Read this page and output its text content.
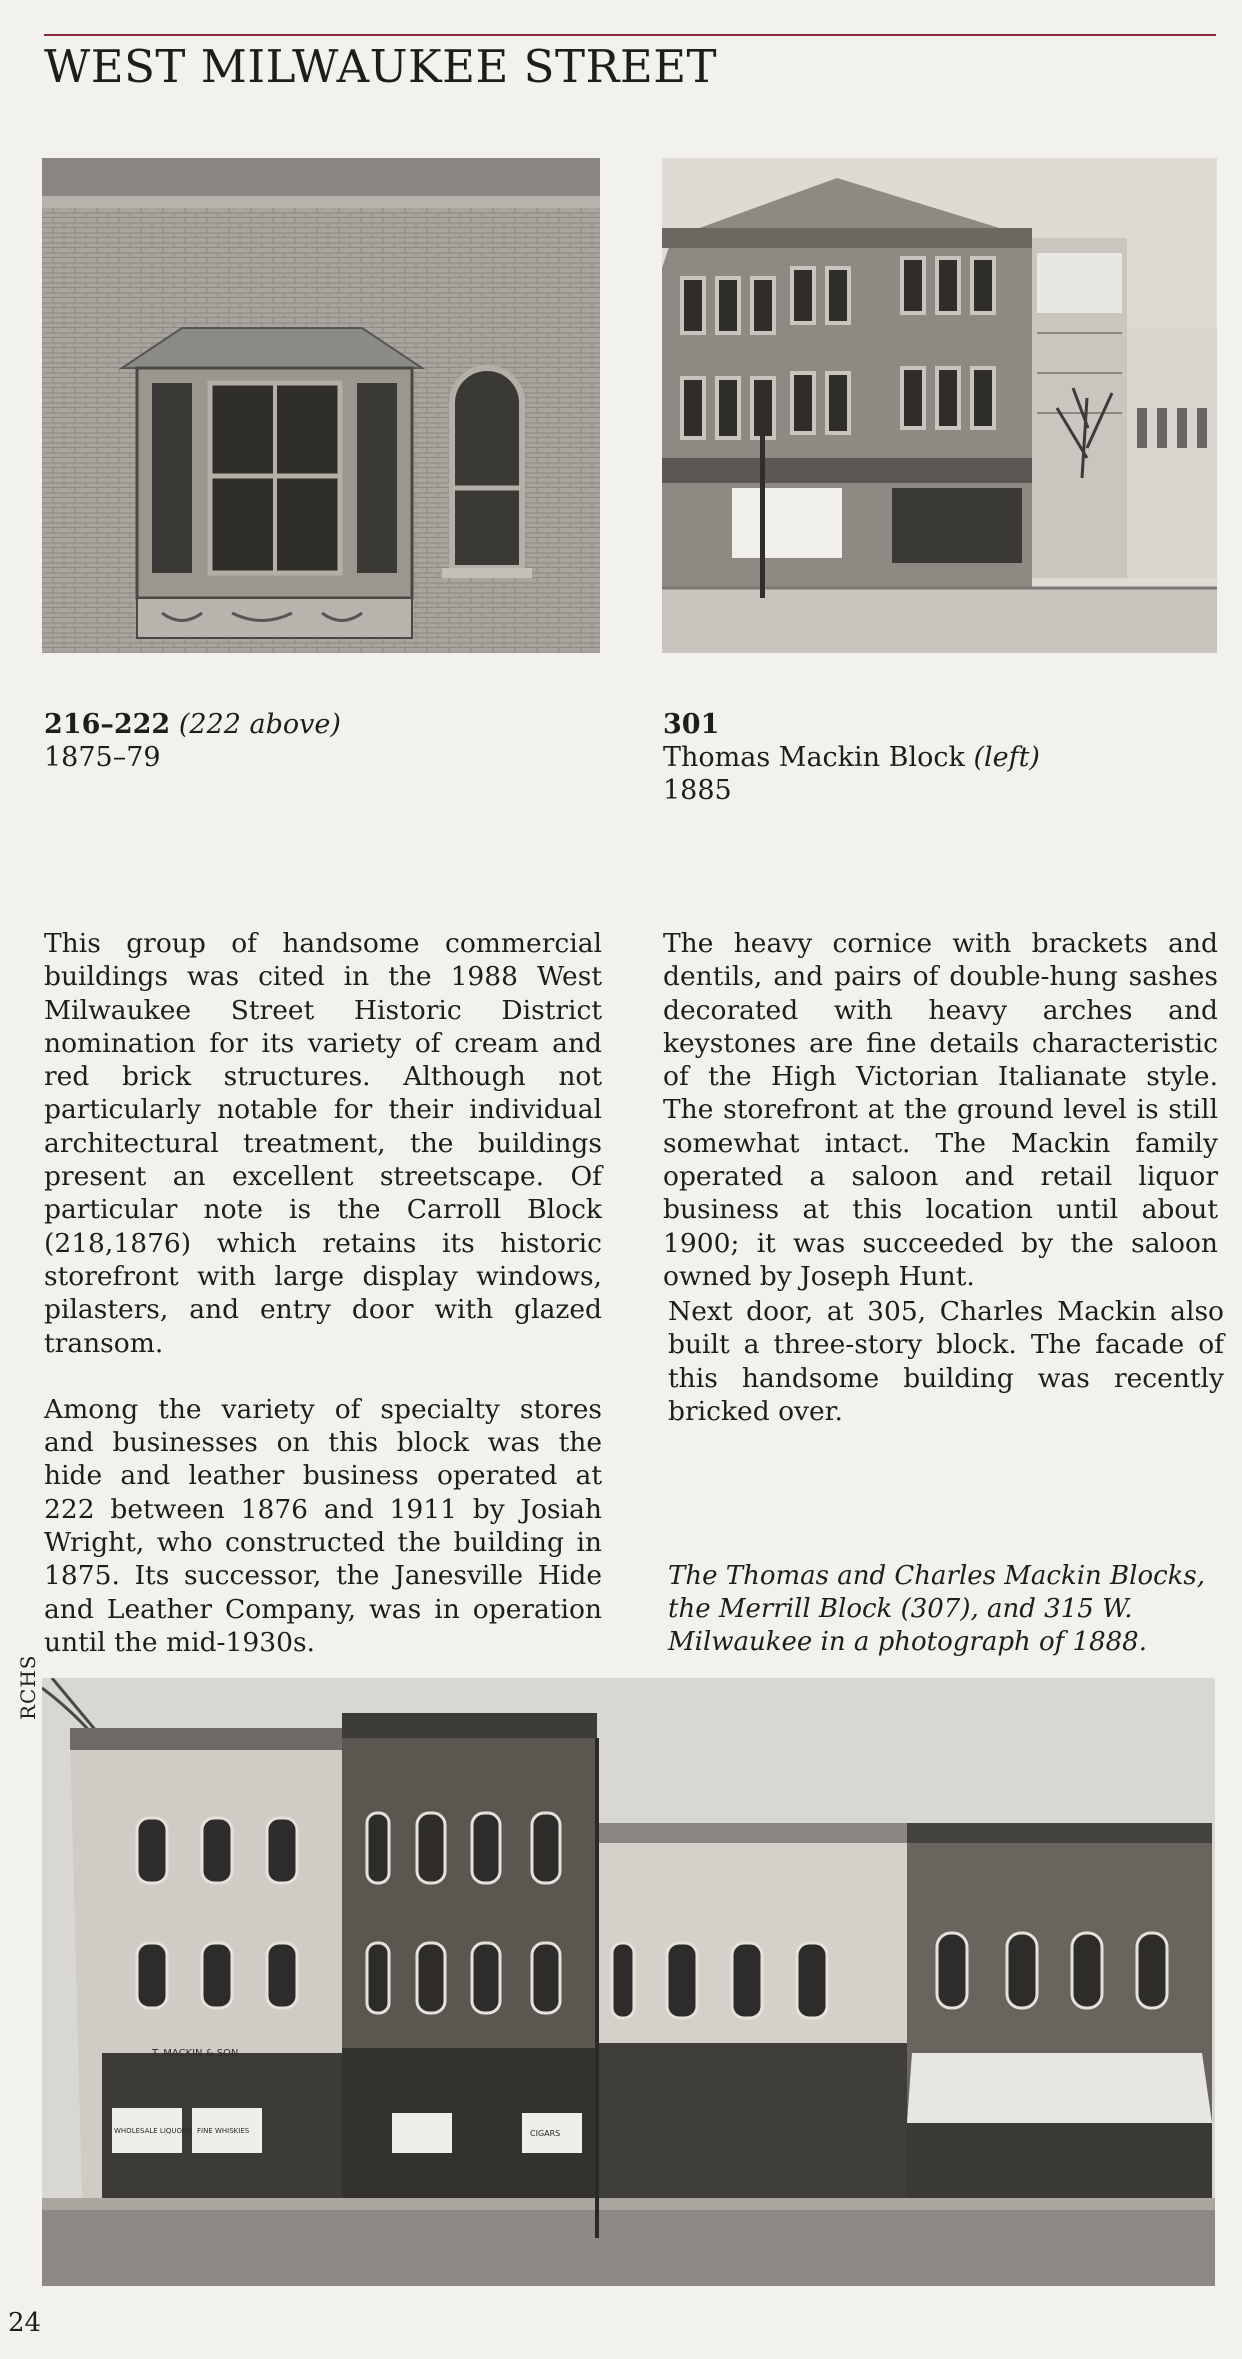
WEST MILWAUKEE STREET
216–222 (222 above)
1875–79
301
Thomas Mackin Block (left)
1885

This group of handsome commercial buildings was cited in the 1988 West Milwaukee Street Historic District nomination for its variety of cream and red brick structures. Although not particularly notable for their individual architectural treatment, the buildings present an excellent streetscape. Of particular note is the Carroll Block (218,1876) which retains its historic storefront with large display windows, pilasters, and entry door with glazed transom.

Among the variety of specialty stores and businesses on this block was the hide and leather business operated at 222 between 1876 and 1911 by Josiah Wright, who constructed the building in 1875. Its successor, the Janesville Hide and Leather Company, was in operation until the mid-1930s.

The heavy cornice with brackets and dentils, and pairs of double-hung sashes decorated with heavy arches and keystones are fine details characteristic of the High Victorian Italianate style. The storefront at the ground level is still somewhat intact. The Mackin family operated a saloon and retail liquor business at this location until about 1900; it was succeeded by the saloon owned by Joseph Hunt.

Next door, at 305, Charles Mackin also built a three-story block. The facade of this handsome building was recently bricked over.

The Thomas and Charles Mackin Blocks, the Merrill Block (307), and 315 W. Milwaukee in a photograph of 1888.
RCHS
T. MACKIN & SON
WHOLESALE LIQUORS FINE WHISKIES	CIGARS
24
